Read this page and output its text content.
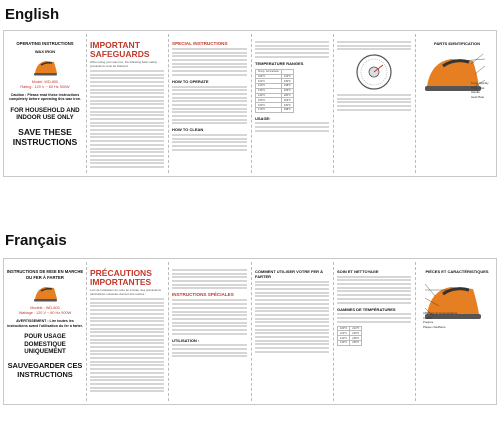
English
OPERATING INSTRUCTIONS
WAX IRON
Model: WD-800
Rating : 120 V ~ 60 Hz 500W
Caution : Please read these instructions completely before operating this wax iron.
FOR HOUSEHOLD AND INDOOR USE ONLY
SAVE THESE INSTRUCTIONS
IMPORTANT SAFEGUARDS
When using your wax iron, the following basic safety precautions must be followed:
SPECIAL INSTRUCTIONS
HOW TO OPERATE
HOW TO CLEAN
TEMPERATURE RANGES
Temp. Conversion	
100°C	212°F
110°C	230°F
120°C	248°F
130°C	266°F
140°C	284°F
150°C	302°F
160°C	320°F
170°C	338°F
USAGE:
PARTS IDENTIFICATION
Temp. Display
Temp. Dial
Handle
Heat Plate
Français
INSTRUCTIONS DE MISE EN MARCHE DU FER À FARTER
Modèle : WD-800
Wattage : 120 V ~ 60 Hz 500W
AVERTISSEMENT : Lire toutes les instructions avant l'utilisation du fer à farter.
POUR USAGE DOMESTIQUE UNIQUEMENT
SAUVEGARDER CES INSTRUCTIONS
PRÉCAUTIONS IMPORTANTES
Lors de l'utilisation de votre fer à farter, des précautions particulières suivantes doivent être suivies :	INSTRUCTIONS SPÉCIALES
UTILISATION :
COMMENT UTILISER VOTRE FER À FARTER
SOIN ET NETTOYAGE
GAMMES DE TEMPÉRATURES
100°C	212°F
110°C	230°F
120°C	248°F
130°C	266°F
PIÈCES ET CARACTÉRISTIQUES
Affichage de la température
Cadran
Poignée
Plaque chauffante
